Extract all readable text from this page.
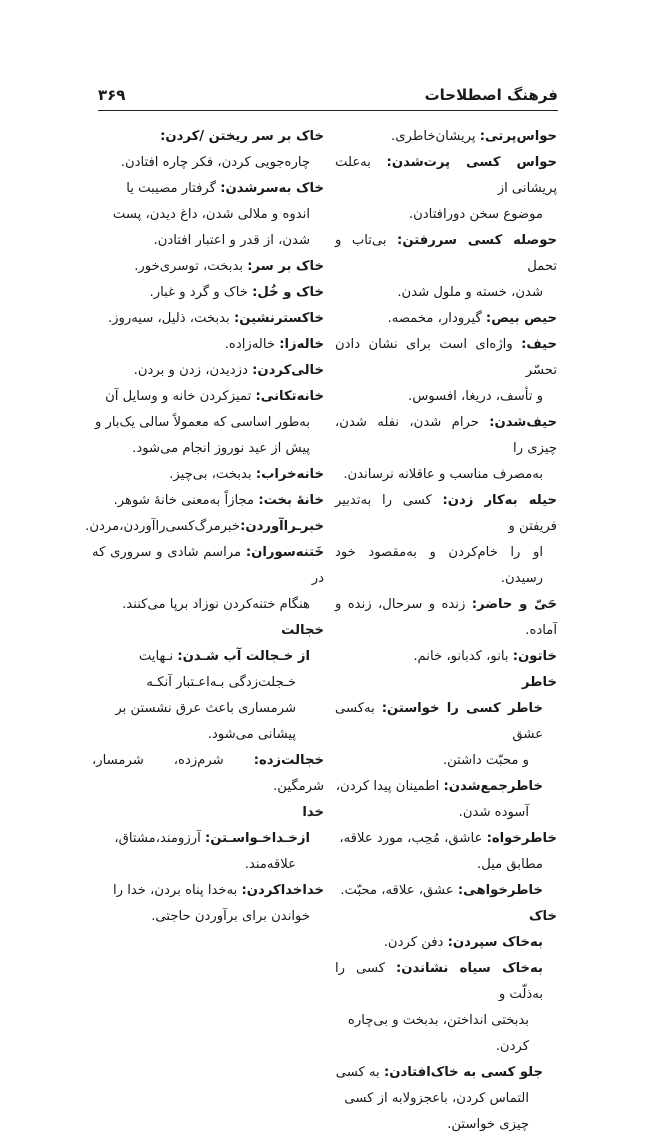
فرهنگ اصطلاحات
۳۶۹
حواس‌پرتی: پریشان‌خاطری.
حواس کسی پرت‌شدن: به‌علت پریشانی از
موضوع سخن دورافتادن.
حوصله کسی سررفتن: بی‌تاب و تحمل
شدن، خسته و ملول شدن.
حیص بیص: گیرودار، مخمصه.
حیف: واژه‌ای است برای نشان دادن تحسّر
و تأسف، دریغا، افسوس.
حیف‌شدن: حرام شدن، نفله شدن، چیزی را
به‌مصرف مناسب و عاقلانه نرساندن.
حیله به‌کار زدن: کسی را به‌تدبیر فریفتن و
او را خام‌کردن و به‌مقصود خود رسیدن.
حَیّ و حاضر: زنده و سرحال، زنده و آماده.
خاتون: بانو، کدبانو، خانم.
خاطر
خاطر کسی را خواستن: به‌کسی عشق
و محبّت داشتن.
خاطرجمع‌شدن: اطمینان پیدا کردن،
آسوده شدن.
خاطرخواه: عاشق، مُحِب، مورد علاقه،
مطابق میل.
خاطرخواهی: عشق، علاقه، محبّت.
خاک
به‌خاک سپردن: دفن کردن.
به‌خاک سیاه نشاندن: کسی را به‌ذلّت و
بدبختی انداختن، بدبخت و بی‌چاره
کردن.
جلو کسی به خاک‌افتادن: به کسی
التماس کردن، باعجزولابه از کسی
چیزی خواستن.
خاک بر سر ریختن /کردن:
چاره‌جویی کردن، فکر چاره افتادن.
خاک به‌سر‌شدن: گرفتار مصیبت یا
اندوه و ملالی شدن، داغ دیدن، پست
شدن، از قدر و اعتبار افتادن.
خاک بر سر: بدبخت، توسری‌خور.
خاک و خُل: خاک و گرد و غبار.
خاکسترنشین: بدبخت، ذلیل، سیه‌روز.
خاله‌زا: خاله‌زاده.
خالی‌کردن: دزدیدن، زدن و بردن.
خانه‌تکانی: تمیزکردن خانه و وسایل آن
به‌طور اساسی که معمولاً سالی یک‌بار و
پیش از عید نوروز انجام می‌شود.
خانه‌خراب: بدبخت، بی‌چیز.
خانهٔ بخت: مجازاً به‌معنی خانهٔ شوهر.
خبر‌ـراآوردن:خبرمرگ‌کسی‌راآوردن،مردن.
خَتنه‌سوران: مراسم شادی و سروری که در
هنگام ختنه‌کردن نوزاد برپا می‌کنند.
خجالت
از خـجالت آب شـدن: نـهایت
خـجلت‌زدگی بـه‌اعـتبار آنکـه
شرمساری باعث عرق نشستن بر
پیشانی می‌شود.
خجالت‌زده: شرم‌زده، شرمسار، شرمگین.
خدا
ازخـداخـواسـتن: آرزومند،مشتاق،
علاقه‌مند.
خداخداکردن: به‌خدا پناه بردن، خدا را
خواندن برای برآوردن حاجتی.
